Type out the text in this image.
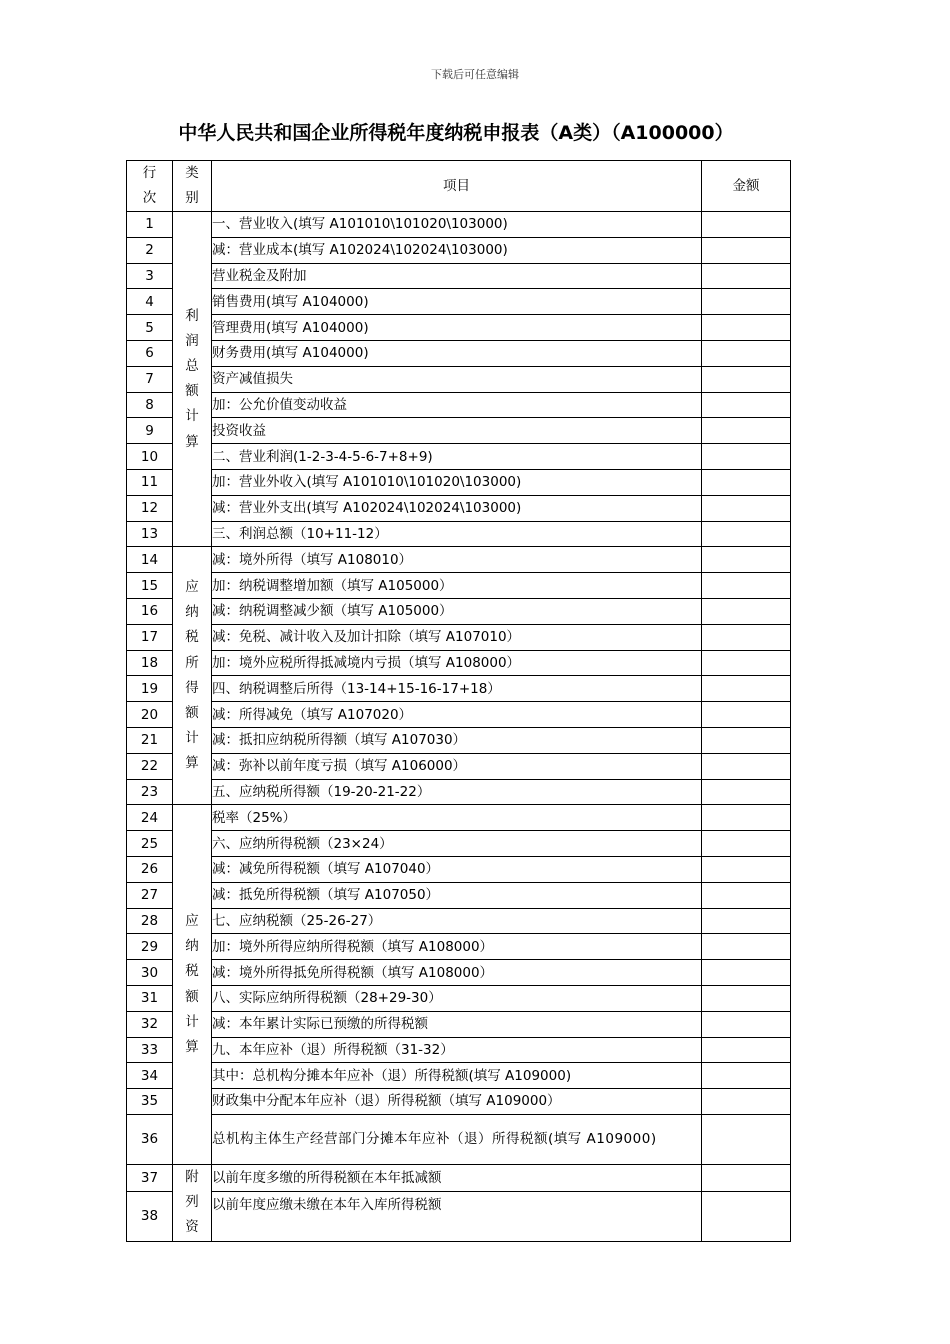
下载后可任意编辑
中华人民共和国企业所得税年度纳税申报表（A类）（A100000）
行次	类别	项目	金额
1	利润总额计算	一、营业收入(填写 A101010\101020\103000)	
2		减：营业成本(填写 A102024\102024\103000)	
3		营业税金及附加	
4		销售费用(填写 A104000)	
5		管理费用(填写 A104000)	
6		财务费用(填写 A104000)	
7		资产减值损失	
8		加：公允价值变动收益	
9		投资收益	
10		二、营业利润(1-2-3-4-5-6-7+8+9)	
11		加：营业外收入(填写 A101010\101020\103000)	
12		减：营业外支出(填写 A102024\102024\103000)	
13		三、利润总额（10+11-12）	
14	应纳税所得额计算	减：境外所得（填写 A108010）	
15		加：纳税调整增加额（填写 A105000）	
16		减：纳税调整减少额（填写 A105000）	
17		减：免税、减计收入及加计扣除（填写 A107010）	
18		加：境外应税所得抵减境内亏损（填写 A108000）	
19		四、纳税调整后所得（13-14+15-16-17+18）	
20		减：所得减免（填写 A107020）	
21		减：抵扣应纳税所得额（填写 A107030）	
22		减：弥补以前年度亏损（填写 A106000）	
23		五、应纳税所得额（19-20-21-22）	
24	应纳税额计算	税率（25%）	
25		六、应纳所得税额（23×24）	
26		减：减免所得税额（填写 A107040）	
27		减：抵免所得税额（填写 A107050）	
28		七、应纳税额（25-26-27）	
29		加：境外所得应纳所得税额（填写 A108000）	
30		减：境外所得抵免所得税额（填写 A108000）	
31		八、实际应纳所得税额（28+29-30）	
32		减：本年累计实际已预缴的所得税额	
33		九、本年应补（退）所得税额（31-32）	
34		其中：总机构分摊本年应补（退）所得税额(填写 A109000)	
35		财政集中分配本年应补（退）所得税额（填写 A109000）	
36		总机构主体生产经营部门分摊本年应补（退）所得税额(填写 A109000)	
37	附列资	以前年度多缴的所得税额在本年抵减额	
38		以前年度应缴未缴在本年入库所得税额	
